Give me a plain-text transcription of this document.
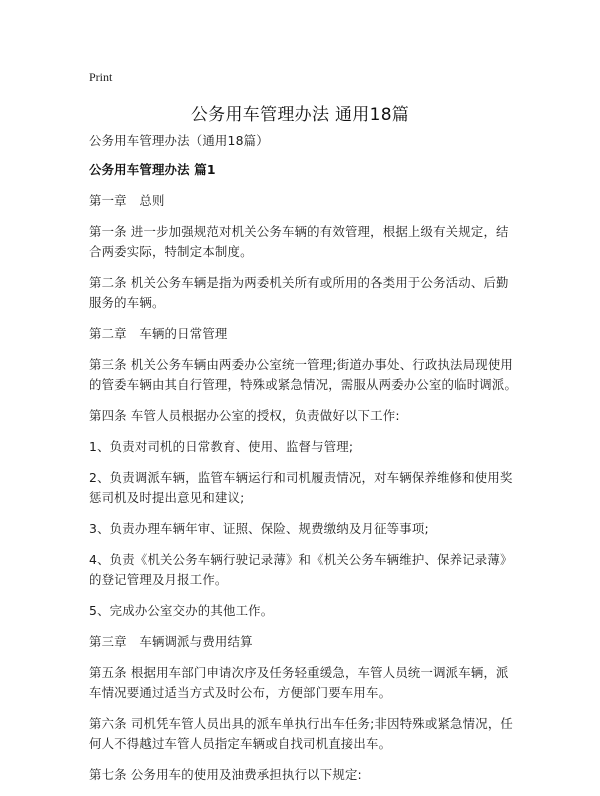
Print
公务用车管理办法 通用18篇

公务用车管理办法（通用18篇）

公务用车管理办法 篇1

第一章　总则

第一条 进一步加强规范对机关公务车辆的有效管理，根据上级有关规定，结合两委实际，特制定本制度。

第二条 机关公务车辆是指为两委机关所有或所用的各类用于公务活动、后勤服务的车辆。

第二章　车辆的日常管理

第三条 机关公务车辆由两委办公室统一管理;街道办事处、行政执法局现使用的管委车辆由其自行管理，特殊或紧急情况，需服从两委办公室的临时调派。

第四条 车管人员根据办公室的授权，负责做好以下工作:

1、负责对司机的日常教育、使用、监督与管理;

2、负责调派车辆，监管车辆运行和司机履责情况，对车辆保养维修和使用奖惩司机及时提出意见和建议;

3、负责办理车辆年审、证照、保险、规费缴纳及月征等事项;

4、负责《机关公务车辆行驶记录薄》和《机关公务车辆维护、保养记录薄》的登记管理及月报工作。

5、完成办公室交办的其他工作。

第三章　车辆调派与费用结算

第五条 根据用车部门申请次序及任务轻重缓急，车管人员统一调派车辆，派车情况要通过适当方式及时公布，方便部门要车用车。

第六条 司机凭车管人员出具的派车单执行出车任务;非因特殊或紧急情况，任何人不得越过车管人员指定车辆或自找司机直接出车。

第七条 公务用车的使用及油费承担执行以下规定:
